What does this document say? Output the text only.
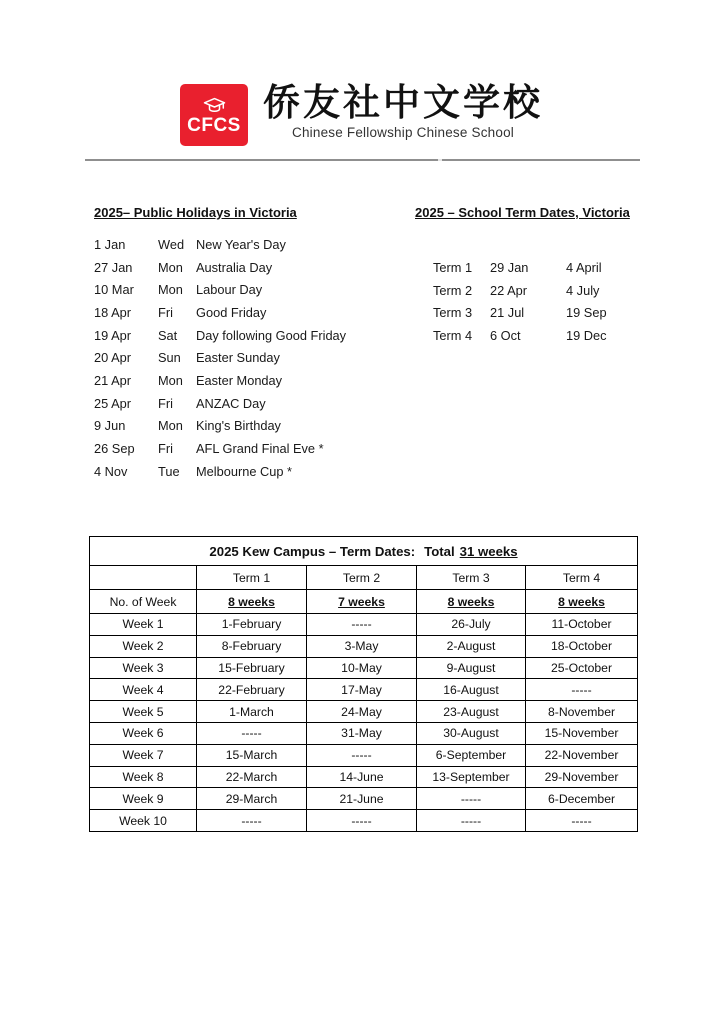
CFCS
侨友社中文学校
Chinese Fellowship Chinese School
2025– Public Holidays in Victoria
1 Jan	Wed New Year's Day
27 Jan	Mon	Australia Day
10 Mar	Mon	Labour Day
18 Apr	Fri	Good Friday
19 Apr	Sat	Day following Good Friday
20 Apr	Sun	Easter Sunday
21 Apr	Mon	Easter Monday
25 Apr	Fri	ANZAC Day
9 Jun	Mon	King's Birthday
26 Sep	Fri	AFL Grand Final Eve *
4 Nov	Tue	Melbourne Cup *
2025 – School Term Dates, Victoria
Term 1	29 Jan	4 April
Term 2	22 Apr	4 July
Term 3	21 Jul	19 Sep
Term 4	6 Oct	19 Dec
2025 Kew Campus – Term Dates: Total 31 weeks				
	Term 1	Term 2	Term 3	Term 4
No. of Week	8 weeks	7 weeks	8 weeks	8 weeks
Week 1	1-February	-----	26-July	11-October
Week 2	8-February	3-May	2-August	18-October
Week 3	15-February	10-May	9-August	25-October
Week 4	22-February	17-May	16-August	-----
Week 5	1-March	24-May	23-August	8-November
Week 6	-----	31-May	30-August	15-November
Week 7	15-March	-----	6-September	22-November
Week 8	22-March	14-June	13-September	29-November
Week 9	29-March	21-June	-----	6-December
Week 10	-----	-----	-----	-----
